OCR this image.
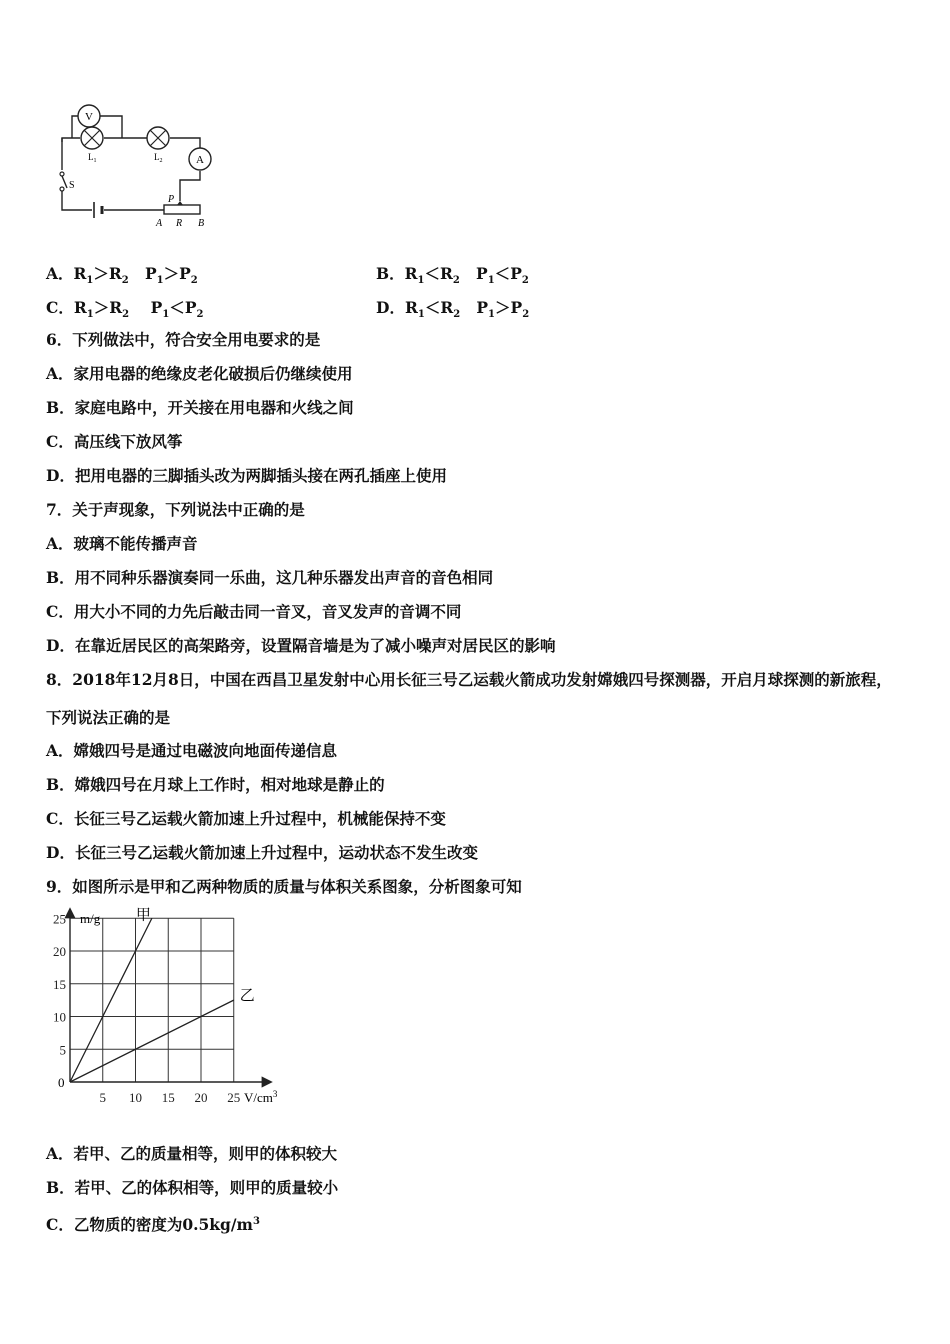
V
$L_1$	$L_2$	A
S
P
A R B
A．$R_1>R_2$ $P_1>P_2$	B．$R_1<R_2$ $P_1<P_2$
C．$R_1>R_2$ $P_1<P_2$	D．$R_1<R_2$ $P_1>P_2$
6．下列做法中，符合安全用电要求的是
A．家用电器的绝缘皮老化破损后仍继续使用
B．家庭电路中，开关接在用电器和火线之间
C．高压线下放风筝
D．把用电器的三脚插头改为两脚插头接在两孔插座上使用
7．关于声现象，下列说法中正确的是
A．玻璃不能传播声音
B．用不同种乐器演奏同一乐曲，这几种乐器发出声音的音色相同
C．用大小不同的力先后敲击同一音叉，音叉发声的音调不同
D．在靠近居民区的高架路旁，设置隔音墙是为了减小噪声对居民区的影响
8．2018年12月8日，中国在西昌卫星发射中心用长征三号乙运载火箭成功发射嫦娥四号探测器，开启月球探测的新旅程，下列说法正确的是
A．嫦娥四号是通过电磁波向地面传递信息
B．嫦娥四号在月球上工作时，相对地球是静止的
C．长征三号乙运载火箭加速上升过程中，机械能保持不变
D．长征三号乙运载火箭加速上升过程中，运动状态不发生改变
9．如图所示是甲和乙两种物质的质量与体积关系图象，分析图象可知
甲
乙
5 10 15 20 25
5
10
15
20
25 m/g
$V/cm^3$
0
A．若甲、乙的质量相等，则甲的体积较大
B．若甲、乙的体积相等，则甲的质量较小
C．乙物质的密度为$0.5kg/m^3$
